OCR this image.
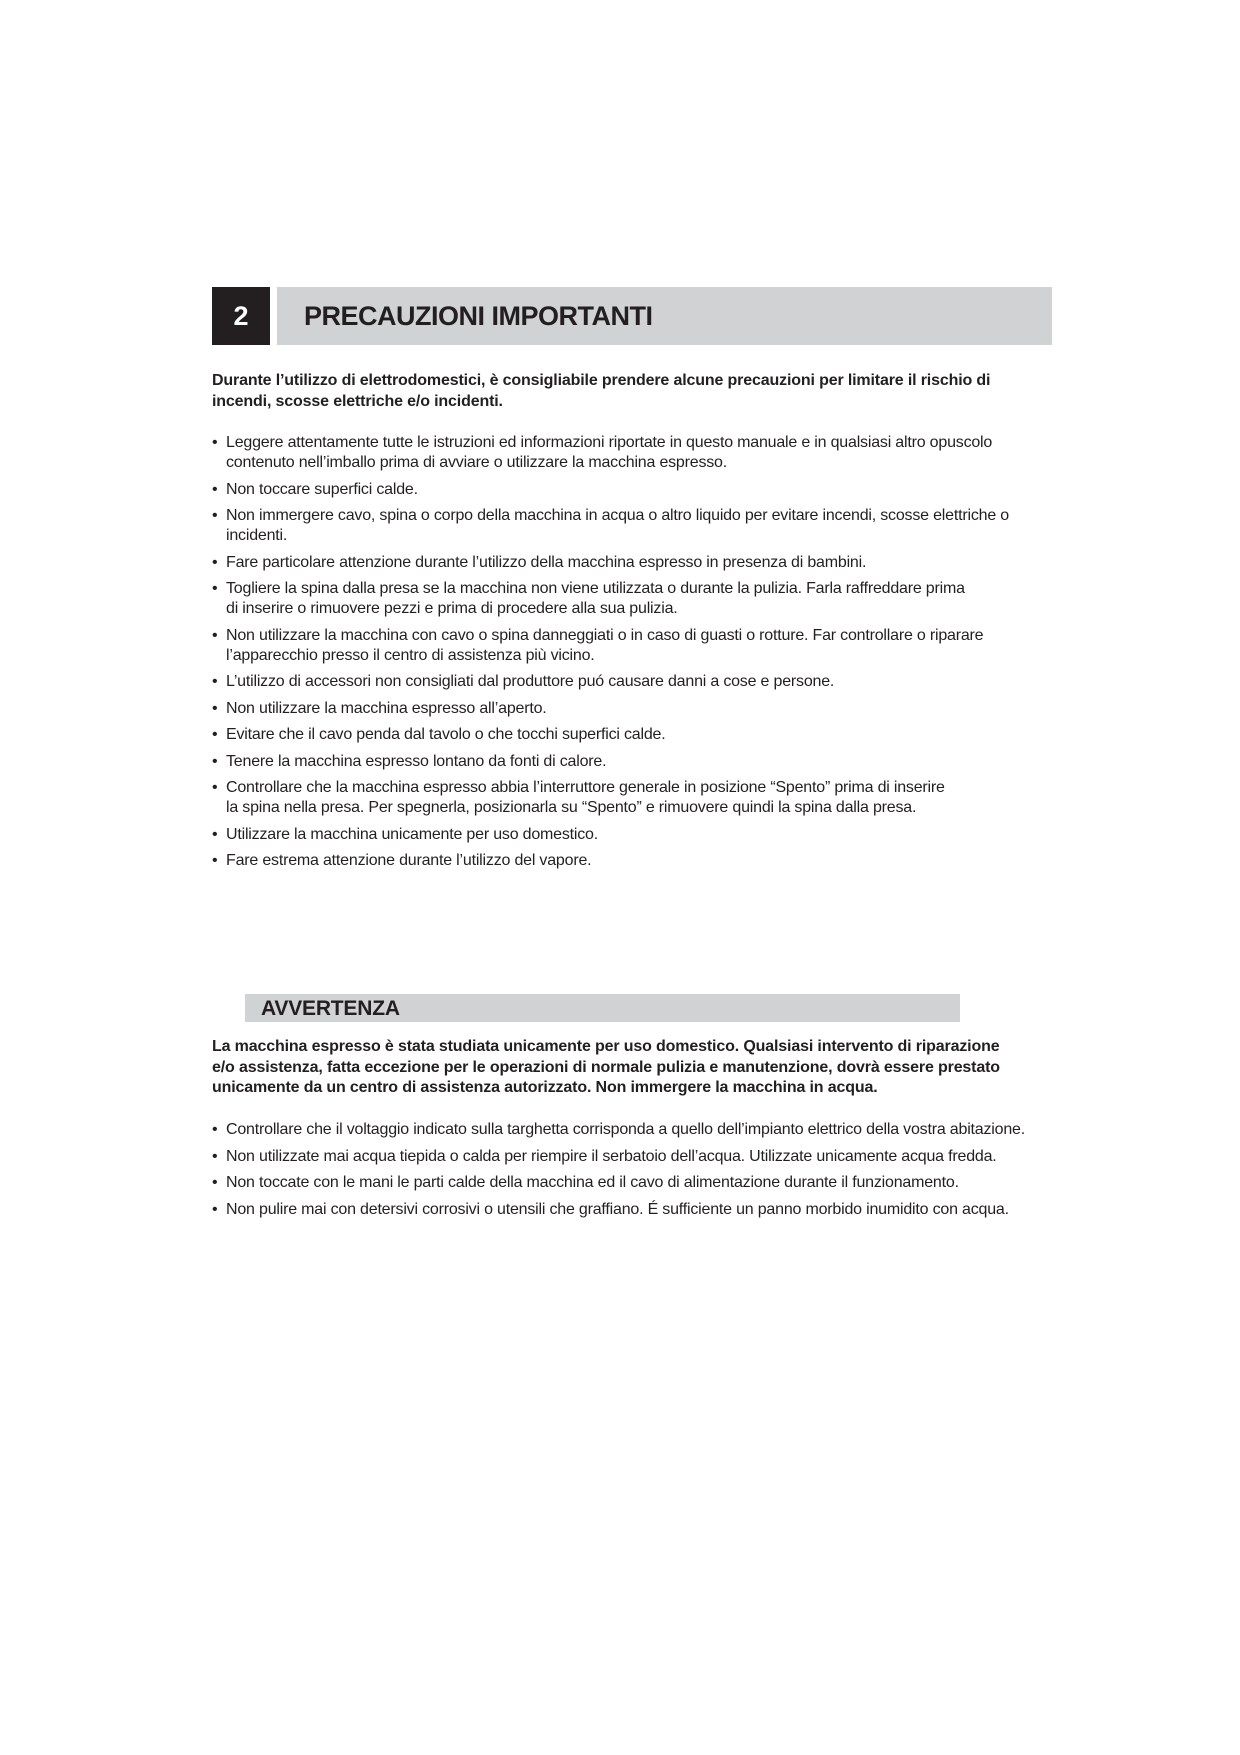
2	PRECAUZIONI IMPORTANTI
Durante l’utilizzo di elettrodomestici, è consigliabile prendere alcune precauzioni per limitare il rischio di incendi, scosse elettriche e/o incidenti.
• Leggere attentamente tutte le istruzioni ed informazioni riportate in questo manuale e in qualsiasi altro opuscolo contenuto nell’imballo prima di avviare o utilizzare la macchina espresso.
• Non toccare superfici calde.
• Non immergere cavo, spina o corpo della macchina in acqua o altro liquido per evitare incendi, scosse elettriche o incidenti.
• Fare particolare attenzione durante l’utilizzo della macchina espresso in presenza di bambini.
• Togliere la spina dalla presa se la macchina non viene utilizzata o durante la pulizia. Farla raffreddare prima di inserire o rimuovere pezzi e prima di procedere alla sua pulizia.
• Non utilizzare la macchina con cavo o spina danneggiati o in caso di guasti o rotture. Far controllare o riparare l’apparecchio presso il centro di assistenza più vicino.
• L’utilizzo di accessori non consigliati dal produttore puó causare danni a cose e persone.
• Non utilizzare la macchina espresso all’aperto.
• Evitare che il cavo penda dal tavolo o che tocchi superfici calde.
• Tenere la macchina espresso lontano da fonti di calore.
• Controllare che la macchina espresso abbia l’interruttore generale in posizione “Spento” prima di inserire la spina nella presa. Per spegnerla, posizionarla su “Spento” e rimuovere quindi la spina dalla presa.
• Utilizzare la macchina unicamente per uso domestico.
• Fare estrema attenzione durante l’utilizzo del vapore.
AVVERTENZA
La macchina espresso è stata studiata unicamente per uso domestico. Qualsiasi intervento di riparazione e/o assistenza, fatta eccezione per le operazioni di normale pulizia e manutenzione, dovrà essere prestato unicamente da un centro di assistenza autorizzato. Non immergere la macchina in acqua.
• Controllare che il voltaggio indicato sulla targhetta corrisponda a quello dell’impianto elettrico della vostra abitazione.
• Non utilizzate mai acqua tiepida o calda per riempire il serbatoio dell’acqua. Utilizzate unicamente acqua fredda.
• Non toccate con le mani le parti calde della macchina ed il cavo di alimentazione durante il funzionamento.
• Non pulire mai con detersivi corrosivi o utensili che graffiano. É sufficiente un panno morbido inumidito con acqua.
